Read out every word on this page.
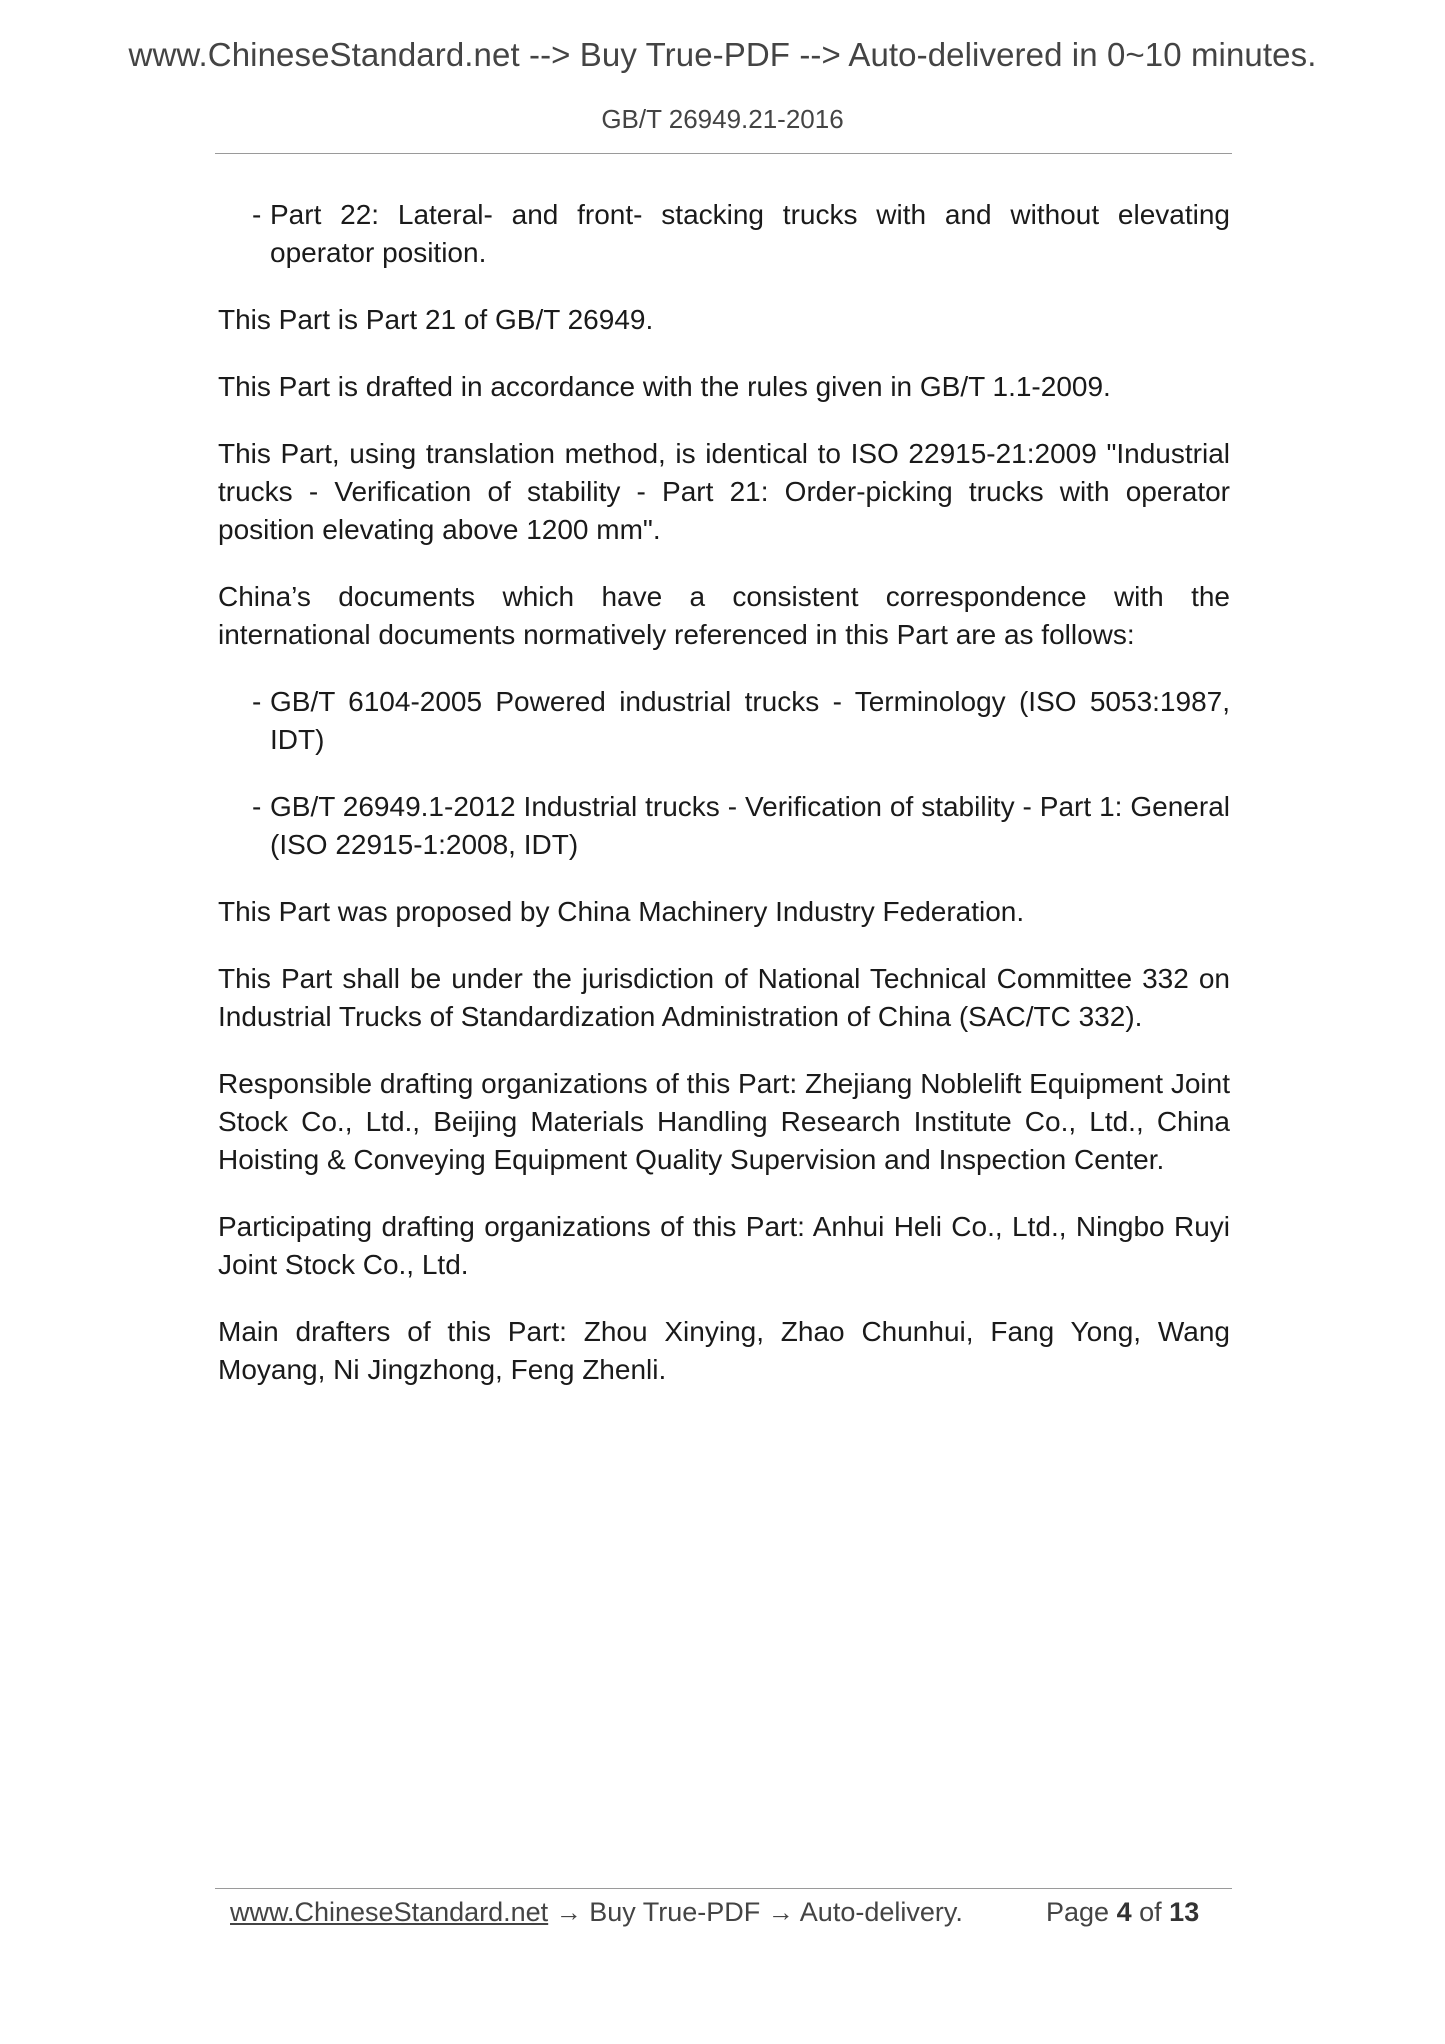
www.ChineseStandard.net --> Buy True-PDF --> Auto-delivered in 0~10 minutes.
GB/T 26949.21-2016
- Part 22: Lateral- and front- stacking trucks with and without elevating operator position.

This Part is Part 21 of GB/T 26949.

This Part is drafted in accordance with the rules given in GB/T 1.1-2009.

This Part, using translation method, is identical to ISO 22915-21:2009 "Industrial trucks - Verification of stability - Part 21: Order-picking trucks with operator position elevating above 1200 mm".

China’s documents which have a consistent correspondence with the international documents normatively referenced in this Part are as follows:

- GB/T 6104-2005 Powered industrial trucks - Terminology (ISO 5053:1987, IDT)
- GB/T 26949.1-2012 Industrial trucks - Verification of stability - Part 1: General (ISO 22915-1:2008, IDT)

This Part was proposed by China Machinery Industry Federation.

This Part shall be under the jurisdiction of National Technical Committee 332 on Industrial Trucks of Standardization Administration of China (SAC/TC 332).

Responsible drafting organizations of this Part: Zhejiang Noblelift Equipment Joint Stock Co., Ltd., Beijing Materials Handling Research Institute Co., Ltd., China Hoisting & Conveying Equipment Quality Supervision and Inspection Center.

Participating drafting organizations of this Part: Anhui Heli Co., Ltd., Ningbo Ruyi Joint Stock Co., Ltd.

Main drafters of this Part: Zhou Xinying, Zhao Chunhui, Fang Yong, Wang Moyang, Ni Jingzhong, Feng Zhenli.

www.ChineseStandard.net → Buy True-PDF → Auto-delivery.	Page 4 of 13
